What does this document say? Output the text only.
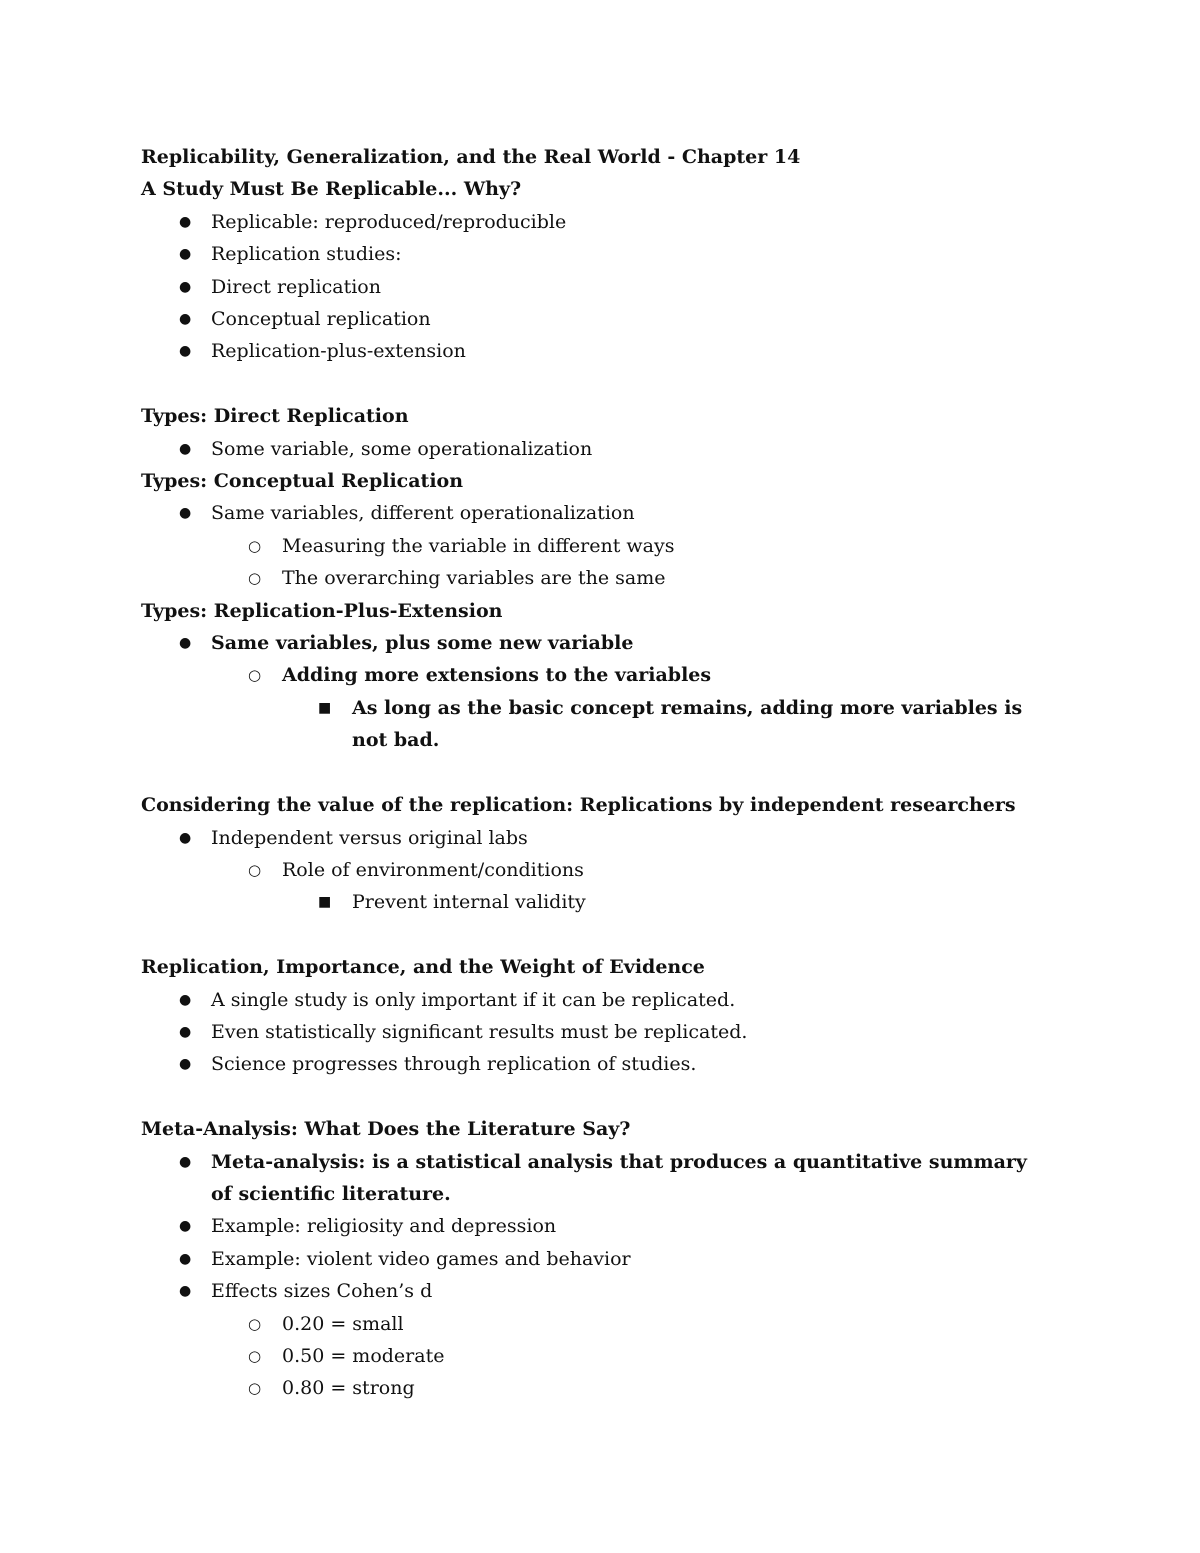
Replicability, Generalization, and the Real World - Chapter 14
A Study Must Be Replicable... Why?
● Replicable: reproduced/reproducible
● Replication studies:
● Direct replication
● Conceptual replication
● Replication-plus-extension
Types: Direct Replication
● Some variable, some operationalization
Types: Conceptual Replication
● Same variables, different operationalization
○ Measuring the variable in different ways
○ The overarching variables are the same
Types: Replication-Plus-Extension
● Same variables, plus some new variable
○ Adding more extensions to the variables
■ As long as the basic concept remains, adding more variables is not bad.
Considering the value of the replication: Replications by independent researchers
● Independent versus original labs
○ Role of environment/conditions
■ Prevent internal validity
Replication, Importance, and the Weight of Evidence
● A single study is only important if it can be replicated.
● Even statistically significant results must be replicated.
● Science progresses through replication of studies.
Meta-Analysis: What Does the Literature Say?
● Meta-analysis: is a statistical analysis that produces a quantitative summary of scientific literature.
● Example: religiosity and depression
● Example: violent video games and behavior
● Effects sizes Cohen’s d
○ 0.20 = small
○ 0.50 = moderate
○ 0.80 = strong
